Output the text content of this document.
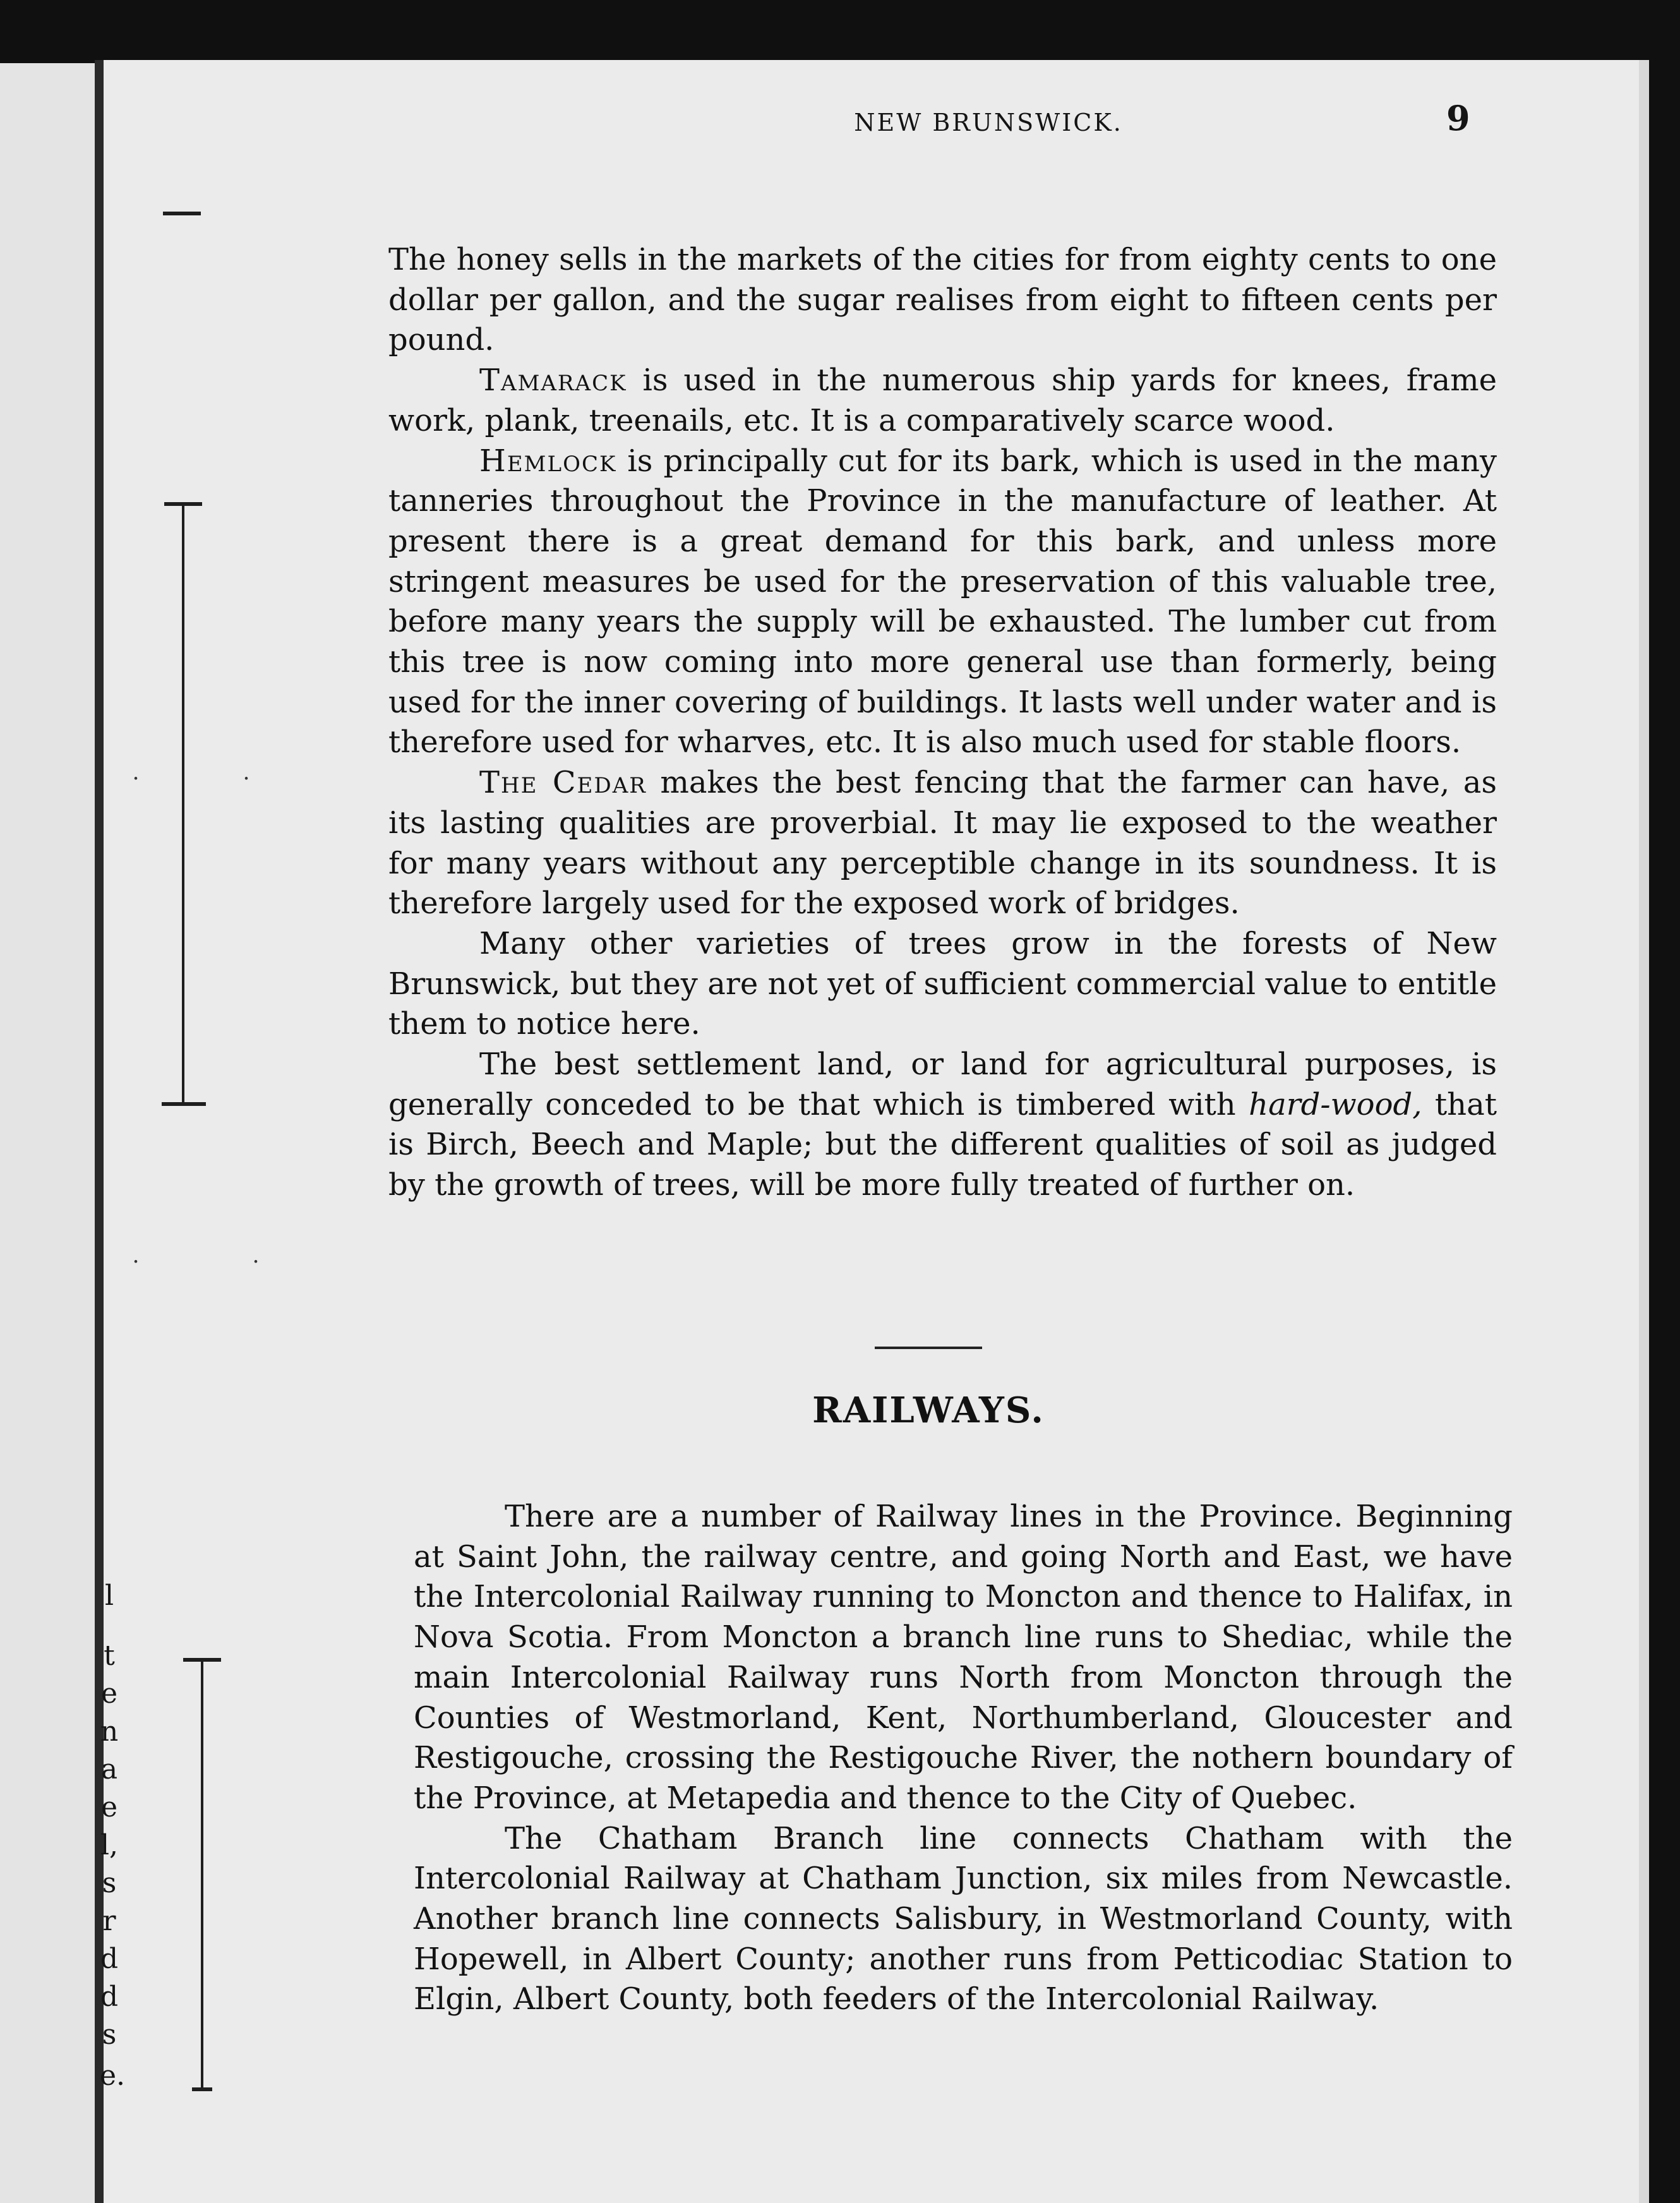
l
t
e
n
a
e
l,
s
r
d
d
s
e.
˙	˙
˙	˙
NEW BRUNSWICK.	9

The honey sells in the markets of the cities for from eighty cents to one dollar per gallon, and the sugar realises from eight to fifteen cents per pound.

Tamarack is used in the numerous ship yards for knees, frame work, plank, treenails, etc. It is a comparatively scarce wood.

Hemlock is principally cut for its bark, which is used in the many tanneries throughout the Province in the manufacture of leather. At present there is a great demand for this bark, and unless more stringent measures be used for the preservation of this valuable tree, before many years the supply will be exhausted. The lumber cut from this tree is now coming into more general use than formerly, being used for the inner covering of buildings. It lasts well under water and is therefore used for wharves, etc. It is also much used for stable floors.

The Cedar makes the best fencing that the farmer can have, as its lasting qualities are proverbial. It may lie exposed to the weather for many years without any perceptible change in its soundness. It is therefore largely used for the exposed work of bridges.

Many other varieties of trees grow in the forests of New Brunswick, but they are not yet of sufficient commercial value to entitle them to notice here.

The best settlement land, or land for agricultural purposes, is generally conceded to be that which is timbered with hard-wood, that is Birch, Beech and Maple; but the different qualities of soil as judged by the growth of trees, will be more fully treated of further on.

RAILWAYS.

There are a number of Railway lines in the Province. Beginning at Saint John, the railway centre, and going North and East, we have the Intercolonial Railway running to Moncton and thence to Halifax, in Nova Scotia. From Moncton a branch line runs to Shediac, while the main Intercolonial Railway runs North from Moncton through the Counties of Westmorland, Kent, Northumberland, Gloucester and Restigouche, crossing the Restigouche River, the nothern boundary of the Province, at Metapedia and thence to the City of Quebec.

The Chatham Branch line connects Chatham with the Intercolonial Railway at Chatham Junction, six miles from Newcastle. Another branch line connects Salisbury, in Westmorland County, with Hopewell, in Albert County; another runs from Petticodiac Station to Elgin, Albert County, both feeders of the Intercolonial Railway.
